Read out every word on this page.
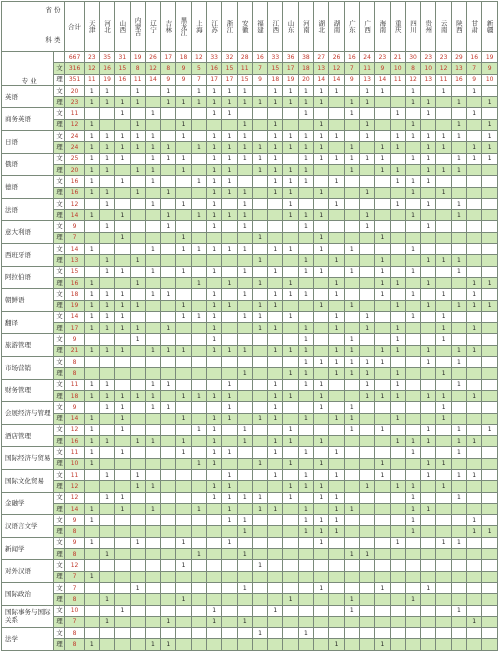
省 份
科 类		合计	天津	河北	山西	内蒙古	辽宁	吉林	黑龙江	上海	江苏	浙江	安徽	福建	江西	山东	河南	湖北	湖南	广东	广西	海南	重庆	四川	贵州	云南	陕西	甘肃	新疆

专 业		667	23	35	31	19	26	17	18	12	33	32	28	16	33	36	38	27	26	16	24	23	21	30	23	23	29	16	19
	文	316	12	16	15	8	12	8	9	5	16	15	11	7	15	17	18	13	12	7	11	9	10	8	10	12	13	7	9
	理	351	11	19	16	11	14	9	9	7	17	17	15	9	18	19	20	14	14	9	13	14	11	12	13	11	16	9	10
英语	文	20	1	1		1		1		1	1	1	1		1	1	1	1	1		1	1		1		1		1	
	理	23	1	1	1	1		1	1	1	1	1	1	1	1	1	1	1		1	1			1	1		1		1
商务英语	文	11			1		1				1	1					1			1			1		1			1	
	理	12	1			1			1				1		1			1			1			1			1		1
日语	文	24	1	1	1	1	1		1		1	1	1		1	1	1	1	1		1		1	1	1	1	1		1
	理	24	1	1	1	1	1	1		1	1	1	1	1	1	1	1	1		1		1	1		1	1		1	1
俄语	文	25	1	1	1		1	1	1		1	1	1	1	1		1	1	1	1	1	1		1	1		1	1	1
	理	20	1	1		1	1		1		1	1		1	1	1	1			1		1	1		1	1	1		
德语	文	16	1		1		1			1	1	1			1	1	1		1				1	1	1				
	理	16	1	1		1		1			1	1	1		1	1		1			1			1		1			
法语	文	12		1			1		1		1		1			1			1				1		1		1		
	理	14	1		1			1		1	1	1	1			1	1	1			1			1			1		
意大利语	文	9		1				1			1		1				1				1				1				
	理	7			1				1					1				1				1							
西班牙语	文	14	1				1		1	1	1	1	1		1	1		1		1				1					
	理	13		1		1								1			1		1			1			1	1	1		
阿拉伯语	文	15		1	1		1		1		1		1		1		1	1		1		1		1			1		
	理	16	1			1				1		1		1		1			1			1	1		1			1	1
朝鲜语	文	18	1	1	1		1	1			1		1		1	1	1		1			1		1		1		1	
	理	19	1	1	1	1			1		1	1		1	1			1		1			1		1		1	1	1
翻译	文	14	1	1	1				1	1	1		1	1		1			1		1			1		1			
	理	17	1	1	1	1		1			1			1	1		1		1		1		1			1		1	
旅游管理	文	9				1					1						1			1			1			1			
	理	21	1	1	1		1	1	1		1	1	1		1	1	1		1	1		1	1		1		1	1	
市场营销	文	8															1	1	1	1	1	1			1		1		
	理	8											1			1	1		1	1	1		1			1			
财务管理	文	11	1	1			1	1				1			1		1	1			1		1				1		
	理	18	1	1	1	1	1		1	1	1	1			1	1		1			1	1	1		1	1		1	
会展经济与管理	文	9		1	1		1	1				1			1			1		1						1			
	理	14	1		1				1		1	1		1	1		1		1	1			1			1			
酒店管理	文	12	1		1					1	1		1			1				1		1			1		1		1
	理	16	1	1		1	1		1		1		1		1	1		1					1	1	1		1	1	
国际经济与贸易	文	11	1		1				1		1	1			1		1		1					1			1		
	理	10	1							1	1			1		1		1				1			1	1			
国际文化贸易	文	11		1		1						1			1		1		1			1			1		1	1	
	理	12				1	1				1	1				1	1	1			1		1	1		1			
金融学	文	12		1	1						1	1	1	1		1		1	1					1			1		
	理	14	1		1		1			1		1		1	1		1		1	1				1	1				
汉语言文学	文	9	1									1	1				1	1	1					1				1	
	理	8											1				1	1	1					1				1	1
新闻学	文	9	1			1			1			1						1					1			1	1		
	理	8		1						1			1							1	1								
对外汉语	文	12							1					1															
	理	7	1																										
国际政治	文	7				1							1					1				1			1				
	理	8		1					1							1				1				1					
国际事务与国际关系	文	10			1						1				1					1							1		
	理	7		1				1			1		1															1	
法学	文	8												1			1												
	理	8	1				1	1											1			1							
